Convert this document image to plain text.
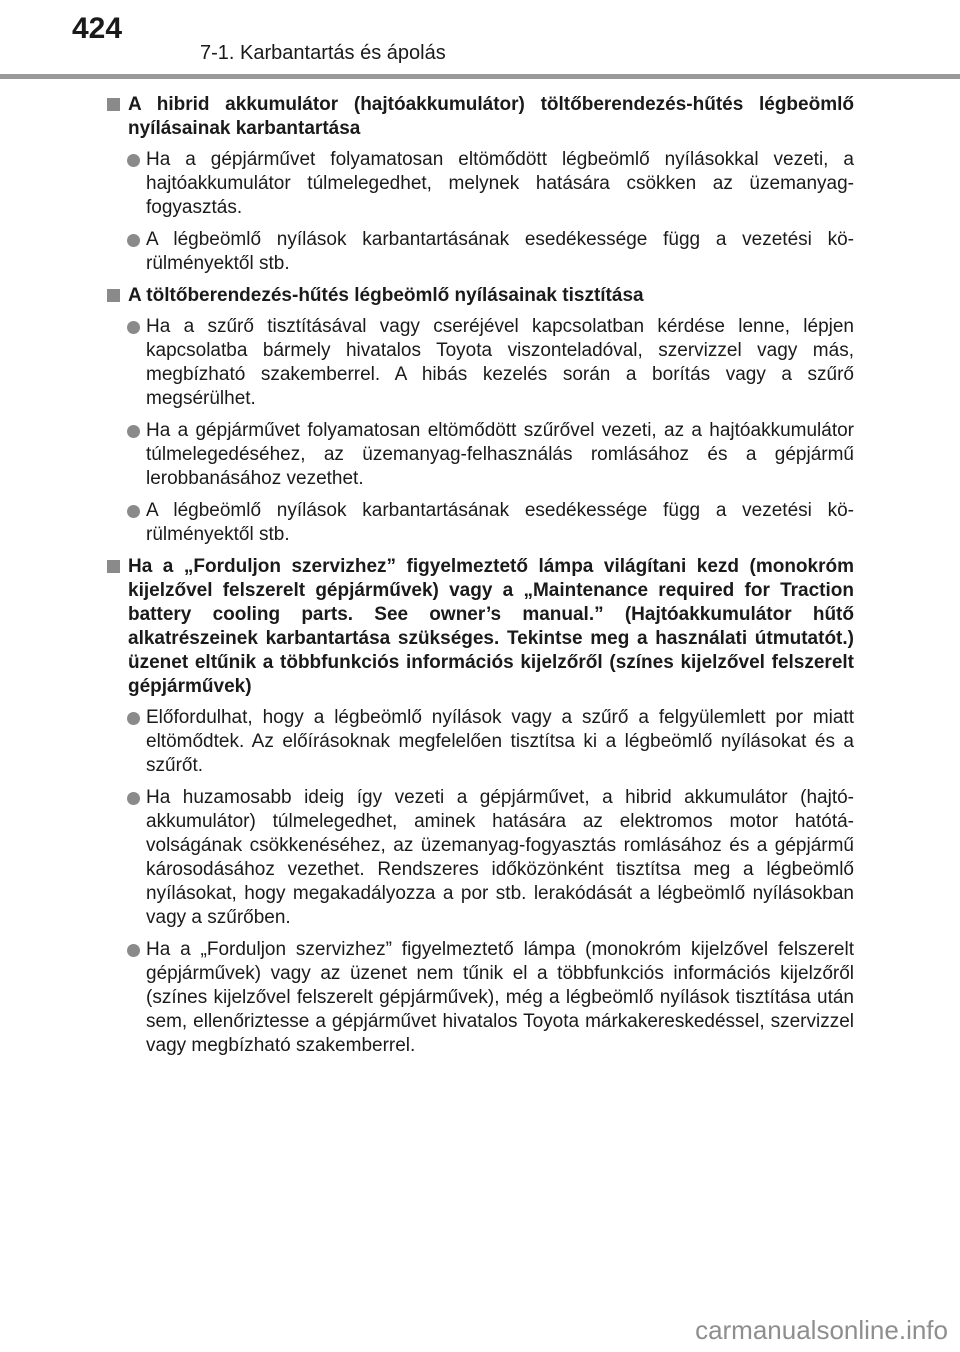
424
7-1. Karbantartás és ápolás
A hibrid akkumulátor (hajtóakkumulátor) töltőberendezés-hűtés légbeömlő nyílásainak karbantartása
Ha a gépjárművet folyamatosan eltömődött légbeömlő nyílásokkal vezeti, a hajtóakkumulátor túlmelegedhet, melynek hatására csökken az üzemanyag-fogyasztás.
A légbeömlő nyílások karbantartásának esedékessége függ a vezetési körülményektől stb.
A töltőberendezés-hűtés légbeömlő nyílásainak tisztítása
Ha a szűrő tisztításával vagy cseréjével kapcsolatban kérdése lenne, lépjen kapcsolatba bármely hivatalos Toyota viszonteladóval, szervizzel vagy más, megbízható szakemberrel. A hibás kezelés során a borítás vagy a szűrő megsérülhet.
Ha a gépjárművet folyamatosan eltömődött szűrővel vezeti, az a hajtóakkumulátor túlmelegedéséhez, az üzemanyag-felhasználás romlásához és a gépjármű lerobbanásához vezethet.
A légbeömlő nyílások karbantartásának esedékessége függ a vezetési körülményektől stb.
Ha a „Forduljon szervizhez” figyelmeztető lámpa világítani kezd (monokróm kijelzővel felszerelt gépjárművek) vagy a „Maintenance required for Traction battery cooling parts. See owner’s manual.” (Hajtóakkumulátor hűtő alkatrészeinek karbantartása szükséges. Tekintse meg a használati útmutatót.) üzenet eltűnik a többfunkciós információs kijelzőről (színes kijelzővel felszerelt gépjárművek)
Előfordulhat, hogy a légbeömlő nyílások vagy a szűrő a felgyülemlett por miatt eltömődtek. Az előírásoknak megfelelően tisztítsa ki a légbeömlő nyílásokat és a szűrőt.
Ha huzamosabb ideig így vezeti a gépjárművet, a hibrid akkumulátor (hajtóakkumulátor) túlmelegedhet, aminek hatására az elektromos motor hatótávolságának csökkenéséhez, az üzemanyag-fogyasztás romlásához és a gépjármű károsodásához vezethet. Rendszeres időközönként tisztítsa meg a légbeömlő nyílásokat, hogy megakadályozza a por stb. lerakódását a légbeömlő nyílásokban vagy a szűrőben.
Ha a „Forduljon szervizhez” figyelmeztető lámpa (monokróm kijelzővel felszerelt gépjárművek) vagy az üzenet nem tűnik el a többfunkciós információs kijelzőről (színes kijelzővel felszerelt gépjárművek), még a légbeömlő nyílások tisztítása után sem, ellenőriztesse a gépjárművet hivatalos Toyota márkakereskedéssel, szervizzel vagy megbízható szakemberrel.
carmanualsonline.info
